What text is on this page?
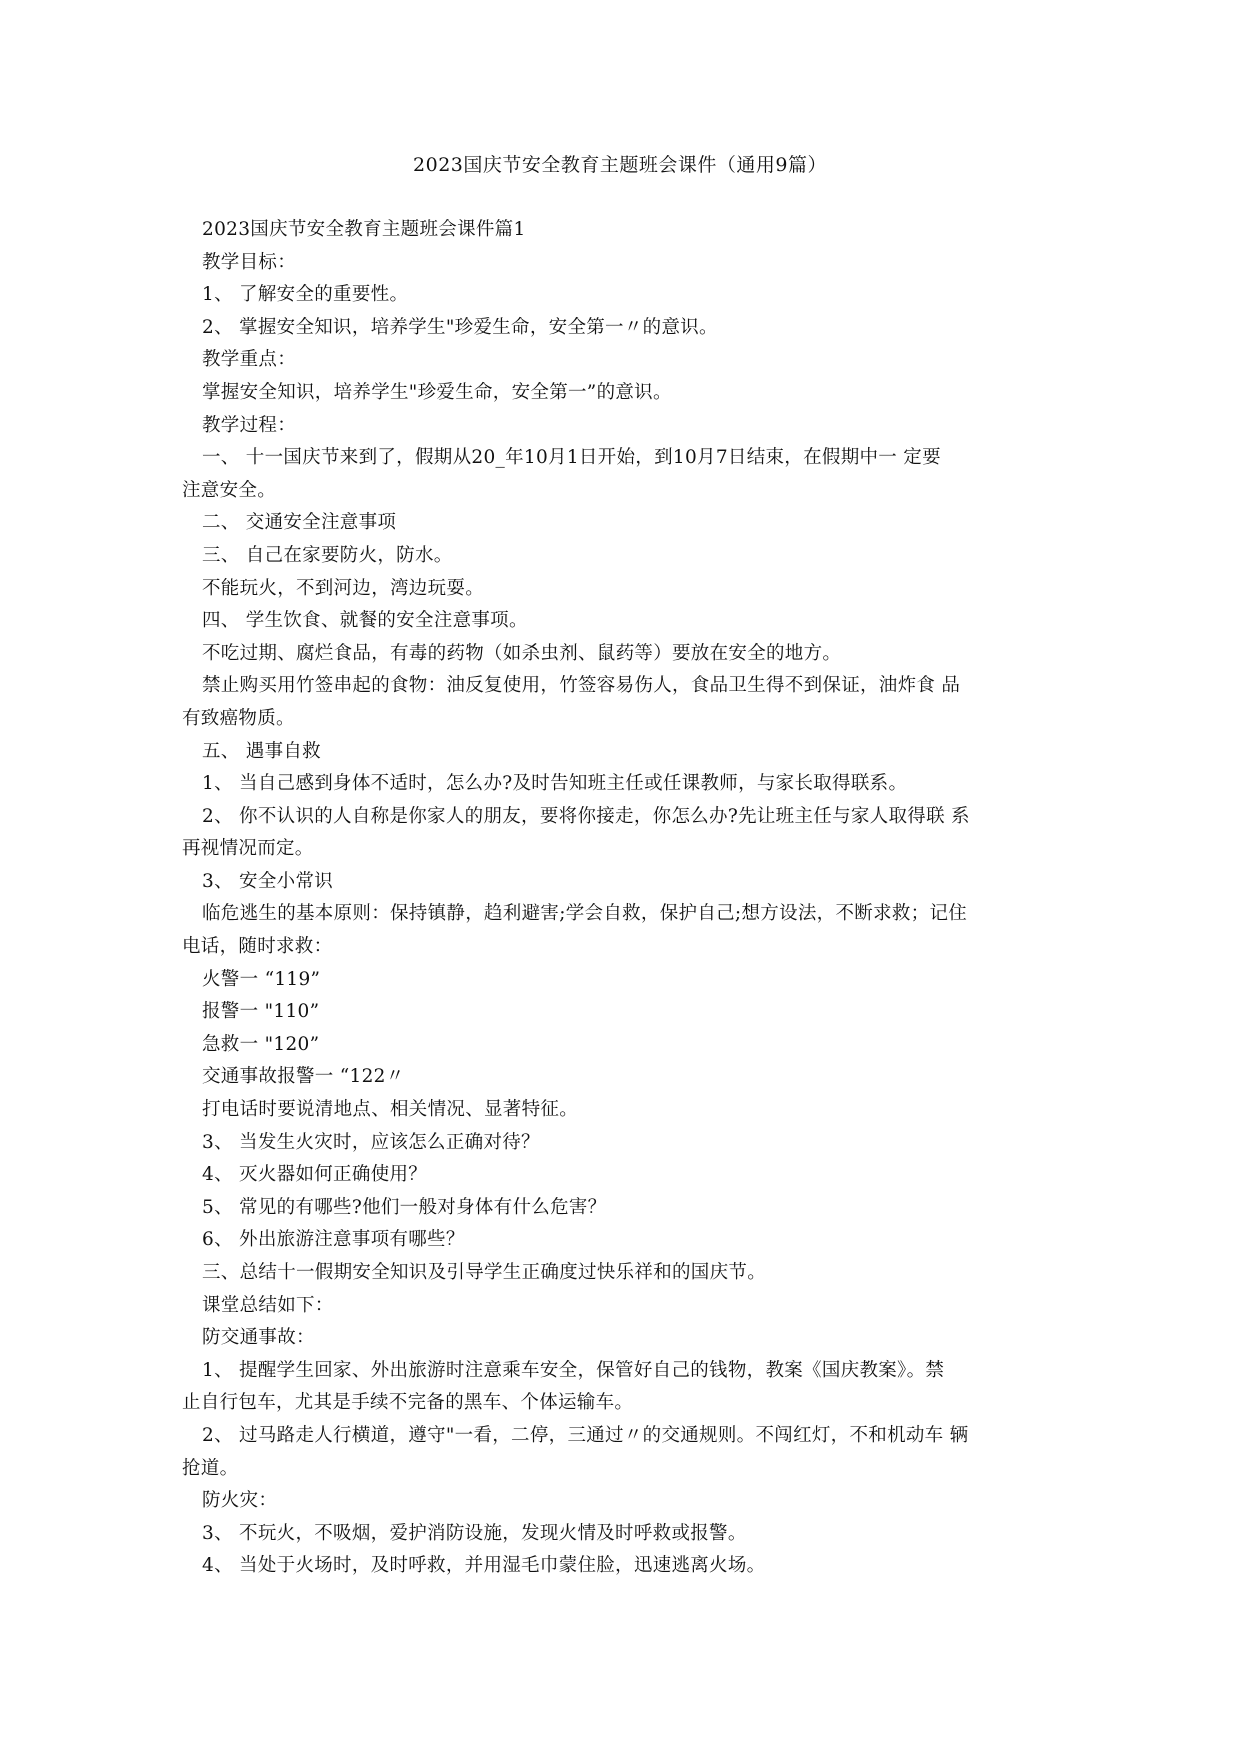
2023国庆节安全教育主题班会课件（通用9篇）
2023国庆节安全教育主题班会课件篇1
教学目标：
1、 了解安全的重要性。
2、 掌握安全知识，培养学生"珍爱生命，安全第一〃的意识。
教学重点：
掌握安全知识，培养学生"珍爱生命，安全第一”的意识。
教学过程：
一、 十一国庆节来到了，假期从20_年10月1日开始，到10月7日结束，在假期中一 定要
注意安全。
二、 交通安全注意事项
三、 自己在家要防火，防水。
不能玩火，不到河边，湾边玩耍。
四、 学生饮食、就餐的安全注意事项。
不吃过期、腐烂食品，有毒的药物（如杀虫剂、鼠药等）要放在安全的地方。
禁止购买用竹签串起的食物：油反复使用，竹签容易伤人，食品卫生得不到保证，油炸食 品
有致癌物质。
五、 遇事自救
1、 当自己感到身体不适时，怎么办?及时告知班主任或任课教师，与家长取得联系。
2、 你不认识的人自称是你家人的朋友，要将你接走，你怎么办?先让班主任与家人取得联 系
再视情况而定。
3、 安全小常识
临危逃生的基本原则：保持镇静，趋利避害;学会自救，保护自己;想方设法，不断求救；记住
电话，随时求救：
火警一 “119”
报警一 "110”
急救一 "120”
交通事故报警一 “122〃
打电话时要说清地点、相关情况、显著特征。
3、 当发生火灾时，应该怎么正确对待？
4、 灭火器如何正确使用？
5、 常见的有哪些?他们一般对身体有什么危害？
6、 外出旅游注意事项有哪些？
三、总结十一假期安全知识及引导学生正确度过快乐祥和的国庆节。
课堂总结如下：
防交通事故：
1、 提醒学生回家、外出旅游时注意乘车安全，保管好自己的钱物，教案《国庆教案》。禁
止自行包车，尤其是手续不完备的黑车、个体运输车。
2、 过马路走人行横道，遵守"一看，二停，三通过〃的交通规则。不闯红灯，不和机动车 辆
抢道。
防火灾：
3、 不玩火，不吸烟，爱护消防设施，发现火情及时呼救或报警。
4、 当处于火场时，及时呼救，并用湿毛巾蒙住脸，迅速逃离火场。
